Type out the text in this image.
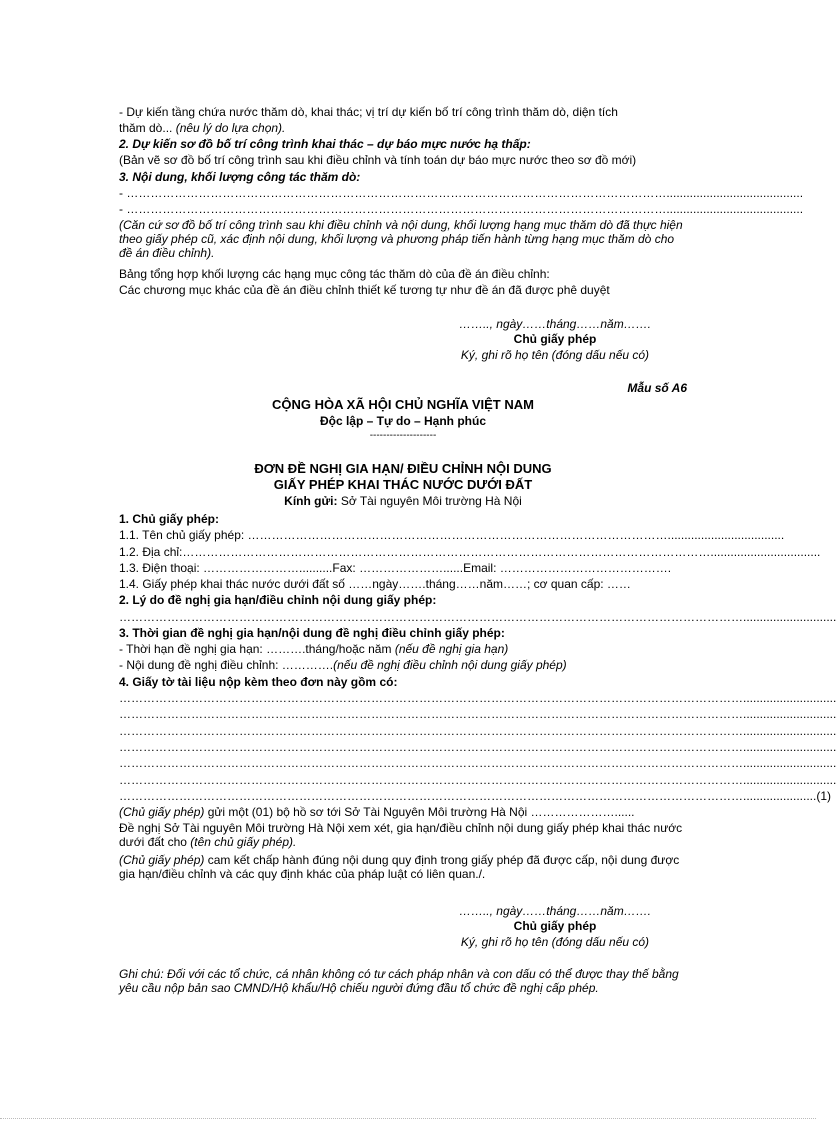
- Dự kiến tầng chứa nước thăm dò, khai thác; vị trí dự kiến bố trí công trình thăm dò, diện tích
thăm dò... (nêu lý do lựa chọn).
2. Dự kiến sơ đồ bố trí công trình khai thác – dự báo mực nước hạ thấp:
(Bản vẽ sơ đồ bố trí công trình sau khi điều chỉnh và tính toán dự báo mực nước theo sơ đồ mới)
3. Nội dung, khối lượng công tác thăm dò:
- ……………………………………………………………………………………………………………………….........................................
- ……………………………………………………………………………………………………………………….........................................
(Căn cứ sơ đồ bố trí công trình sau khi điều chỉnh và nội dung, khối lượng hạng mục thăm dò đã thực hiện theo giấy phép cũ, xác định nội dung, khối lượng và phương pháp tiến hành từng hạng mục thăm dò cho đề án điều chỉnh).
Bảng tổng hợp khối lượng các hạng mục công tác thăm dò của đề án điều chỉnh:
Các chương mục khác của đề án điều chỉnh thiết kế tương tự như đề án đã được phê duyệt
…….., ngày……tháng……năm…….
Chủ giấy phép
Ký, ghi rõ họ tên (đóng dấu nếu có)
Mẫu số A6
CỘNG HÒA XÃ HỘI CHỦ NGHĨA VIỆT NAM
Độc lập – Tự do – Hạnh phúc
--------------------
ĐƠN ĐỀ NGHỊ GIA HẠN/ ĐIỀU CHỈNH NỘI DUNG
GIẤY PHÉP KHAI THÁC NƯỚC DƯỚI ĐẤT
Kính gửi: Sở Tài nguyên Môi trường Hà Nội
1. Chủ giấy phép:
1.1. Tên chủ giấy phép: ……………………………………………………………………………………………...................................
1.2. Địa chỉ:…………………………………………………………………………………………………………………….................................
1.3. Điện thoại: ……………………..........Fax: …………………......Email: …………………………………….
1.4. Giấy phép khai thác nước dưới đất số ……ngày…….tháng……năm……; cơ quan cấp: ……
2. Lý do đề nghị gia hạn/điều chỉnh nội dung giấy phép:
…………………………………………………………………………………………………………………………………………............................
3. Thời gian đề nghị gia hạn/nội dung đề nghị điều chỉnh giấy phép:
- Thời hạn đề nghị gia hạn: ……….tháng/hoặc năm (nếu đề nghị gia hạn)
- Nội dung đề nghị điều chỉnh: ………….(nếu đề nghị điều chỉnh nội dung giấy phép)
4. Giấy tờ tài liệu nộp kèm theo đơn này gồm có:
…………………………………………………………………………………………………………………………………………............................
…………………………………………………………………………………………………………………………………………............................
…………………………………………………………………………………………………………………………………………............................
…………………………………………………………………………………………………………………………………………............................
…………………………………………………………………………………………………………………………………………............................
…………………………………………………………………………………………………………………………………………............................
…………………………………………………………………………………………………………………………………………......................(1)
(Chủ giấy phép) gửi một (01) bộ hồ sơ tới Sở Tài Nguyên Môi trường Hà Nội …………………......
Đề nghị Sở Tài nguyên Môi trường Hà Nội xem xét, gia hạn/điều chỉnh nội dung giấy phép khai thác nước dưới đất cho (tên chủ giấy phép).
(Chủ giấy phép) cam kết chấp hành đúng nội dung quy định trong giấy phép đã được cấp, nội dung được gia hạn/điều chỉnh và các quy định khác của pháp luật có liên quan./.
…….., ngày……tháng……năm…….
Chủ giấy phép
Ký, ghi rõ họ tên (đóng dấu nếu có)
Ghi chú: Đối với các tổ chức, cá nhân không có tư cách pháp nhân và con dấu có thể được thay thế bằng yêu cầu nộp bản sao CMND/Hộ khẩu/Hộ chiếu người đứng đầu tổ chức đề nghị cấp phép.
